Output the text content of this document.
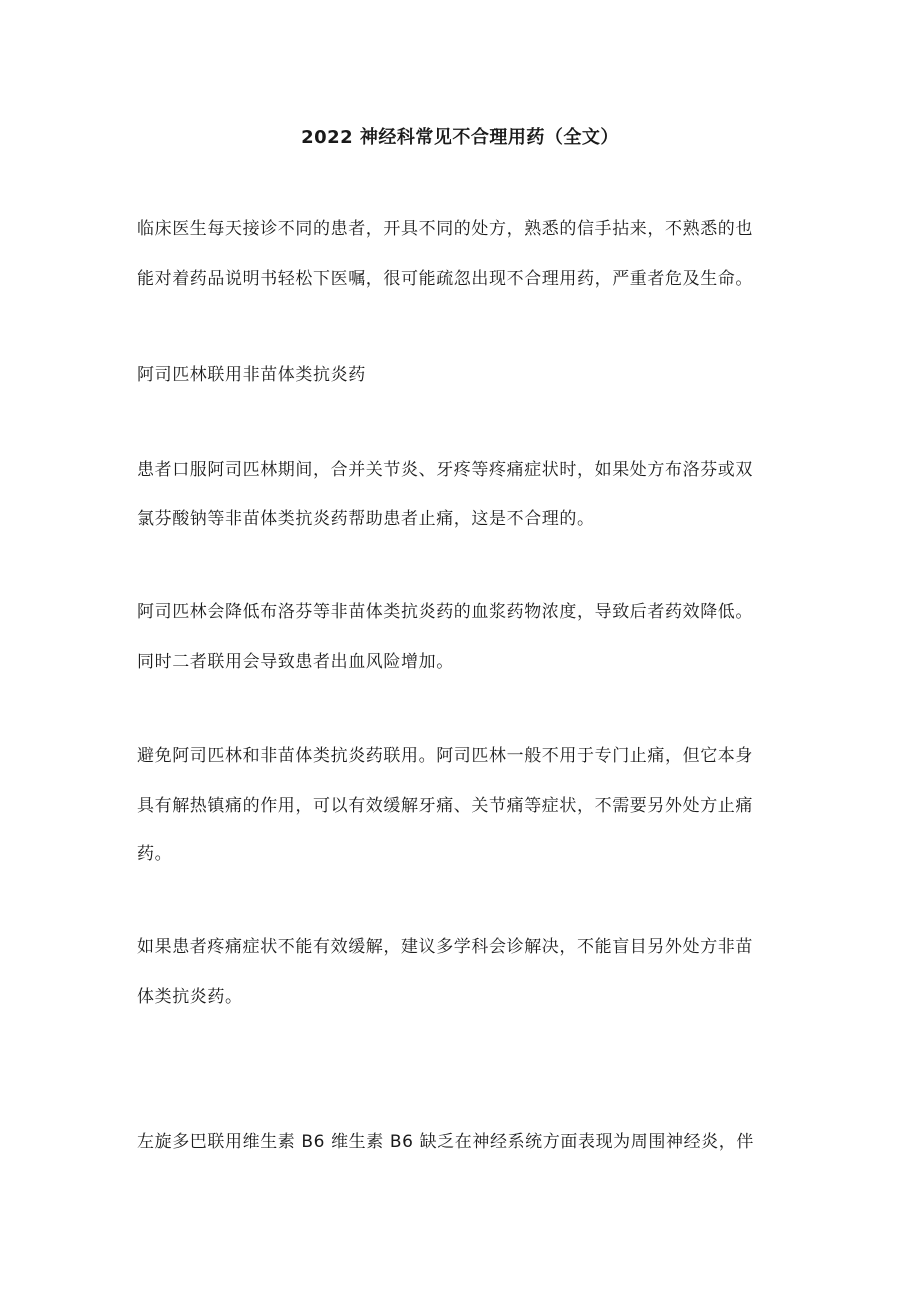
2022 神经科常见不合理用药（全文）
临床医生每天接诊不同的患者，开具不同的处方，熟悉的信手拈来，不熟悉的也
能对着药品说明书轻松下医嘱，很可能疏忽出现不合理用药，严重者危及生命。
阿司匹林联用非苗体类抗炎药
患者口服阿司匹林期间，合并关节炎、牙疼等疼痛症状时，如果处方布洛芬或双
氯芬酸钠等非苗体类抗炎药帮助患者止痛，这是不合理的。
阿司匹林会降低布洛芬等非苗体类抗炎药的血浆药物浓度，导致后者药效降低。
同时二者联用会导致患者出血风险增加。
避免阿司匹林和非苗体类抗炎药联用。阿司匹林一般不用于专门止痛，但它本身
具有解热镇痛的作用，可以有效缓解牙痛、关节痛等症状，不需要另外处方止痛
药。
如果患者疼痛症状不能有效缓解，建议多学科会诊解决，不能盲目另外处方非苗
体类抗炎药。
左旋多巴联用维生素 B6 维生素 B6 缺乏在神经系统方面表现为周围神经炎，伴
